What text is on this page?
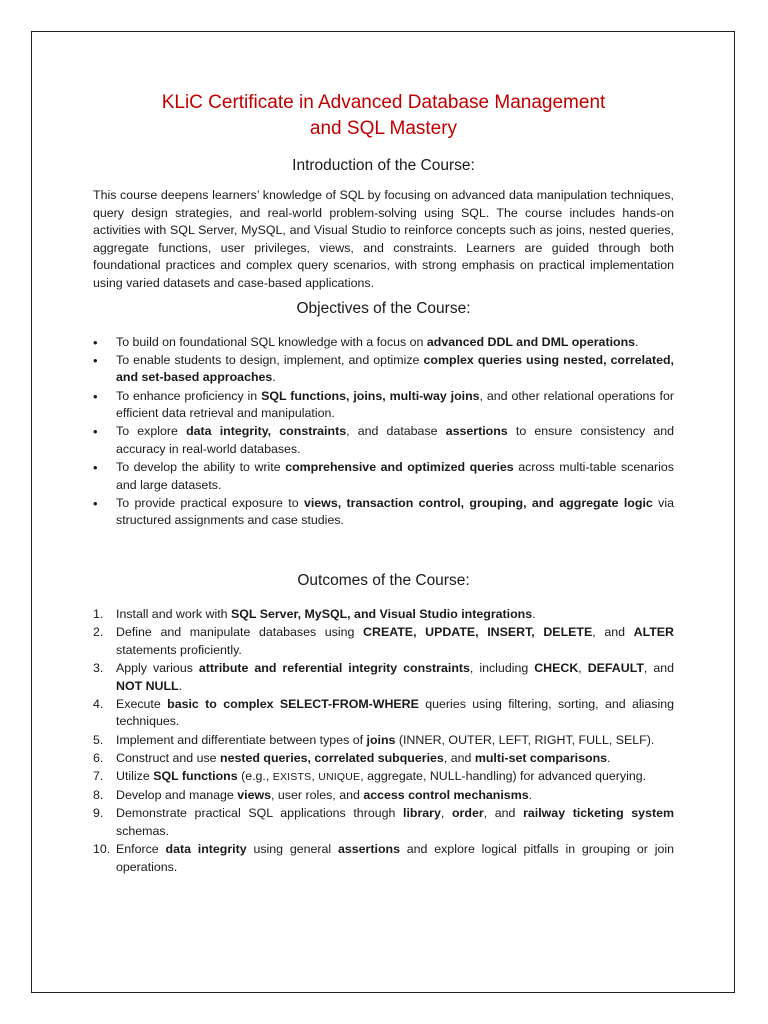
KLiC Certificate in Advanced Database Management
and SQL Mastery
Introduction of the Course:

This course deepens learners’ knowledge of SQL by focusing on advanced data manipulation techniques, query design strategies, and real-world problem-solving using SQL. The course includes hands-on activities with SQL Server, MySQL, and Visual Studio to reinforce concepts such as joins, nested queries, aggregate functions, user privileges, views, and constraints. Learners are guided through both foundational practices and complex query scenarios, with strong emphasis on practical implementation using varied datasets and case-based applications.

Objectives of the Course:
• To build on foundational SQL knowledge with a focus on advanced DDL and DML operations.
• To enable students to design, implement, and optimize complex queries using nested, correlated, and set-based approaches.
• To enhance proficiency in SQL functions, joins, multi-way joins, and other relational operations for efficient data retrieval and manipulation.
• To explore data integrity, constraints, and database assertions to ensure consistency and accuracy in real-world databases.
• To develop the ability to write comprehensive and optimized queries across multi-table scenarios and large datasets.
• To provide practical exposure to views, transaction control, grouping, and aggregate logic via structured assignments and case studies.
Outcomes of the Course:
1. Install and work with SQL Server, MySQL, and Visual Studio integrations.
2. Define and manipulate databases using CREATE, UPDATE, INSERT, DELETE, and ALTER statements proficiently.
3. Apply various attribute and referential integrity constraints, including CHECK, DEFAULT, and NOT NULL.
4. Execute basic to complex SELECT-FROM-WHERE queries using filtering, sorting, and aliasing techniques.
5. Implement and differentiate between types of joins (INNER, OUTER, LEFT, RIGHT, FULL, SELF).
6. Construct and use nested queries, correlated subqueries, and multi-set comparisons.
7. Utilize SQL functions (e.g., EXISTS, UNIQUE, aggregate, NULL-handling) for advanced querying.
8. Develop and manage views, user roles, and access control mechanisms.
9. Demonstrate practical SQL applications through library, order, and railway ticketing system schemas.
10. Enforce data integrity using general assertions and explore logical pitfalls in grouping or join operations.
